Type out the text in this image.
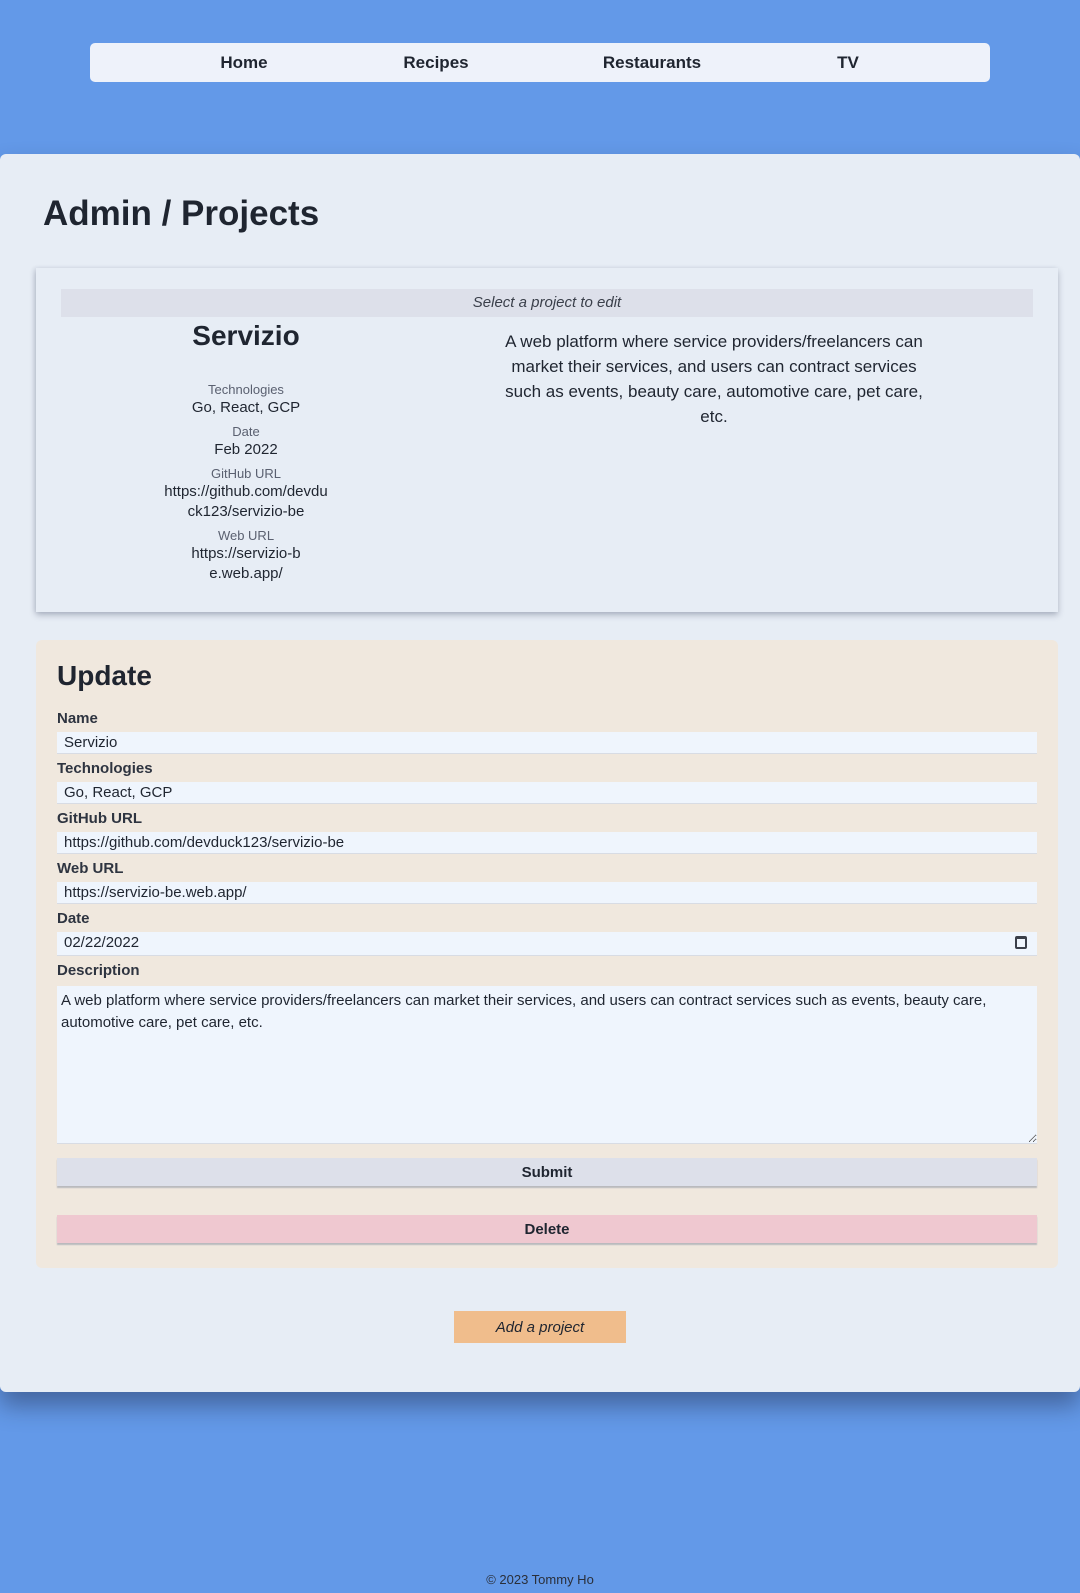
Home	Recipes	Restaurants	TV
Admin / Projects
Select a project to edit
Servizio
Technologies
Go, React, GCP
Date
Feb 2022
GitHub URL
https://github.com/devduck123/servizio-be
Web URL
https://servizio-be.web.app/

A web platform where service providers/freelancers can market their services, and users can contract services such as events, beauty care, automotive care, pet care, etc.

Update
Name
Servizio
Technologies
Go, React, GCP
GitHub URL
https://github.com/devduck123/servizio-be
Web URL
https://servizio-be.web.app/
Date
02/22/2022
Description
A web platform where service providers/freelancers can market their services, and users can contract services such as events, beauty care, automotive care, pet care, etc.
Submit
Delete
Add a project
© 2023 Tommy Ho
